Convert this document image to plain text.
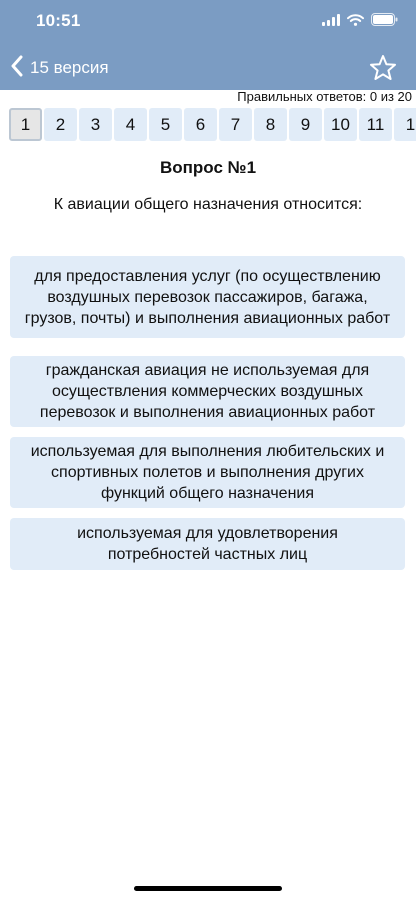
10:51
15 версия
Правильных ответов: 0 из 20
1	2	3	4	5	6	7	8	9	10 11	1
Вопрос №1
К авиации общего назначения относится:
для предоставления услуг (по осуществлению
воздушных перевозок пассажиров, багажа,
грузов, почты) и выполнения авиационных работ
гражданская авиация не используемая для
осуществления коммерческих воздушных
перевозок и выполнения авиационных работ
используемая для выполнения любительских и
спортивных полетов и выполнения других
функций общего назначения
используемая для удовлетворения
потребностей частных лиц
